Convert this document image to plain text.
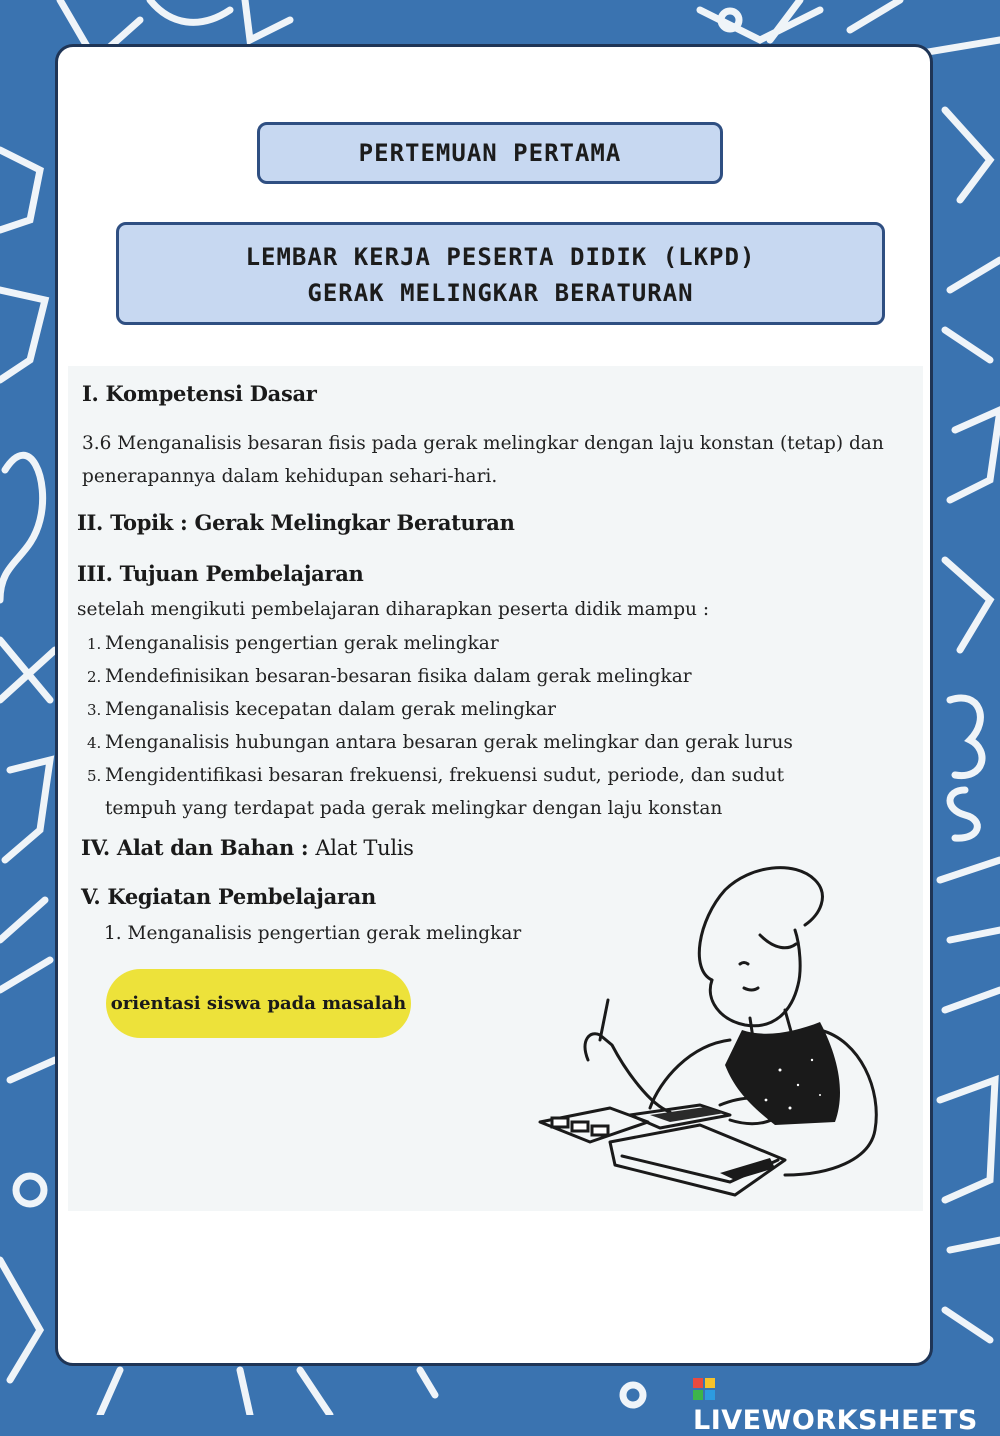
PERTEMUAN PERTAMA
LEMBAR KERJA PESERTA DIDIK (LKPD)
GERAK MELINGKAR BERATURAN
I. Kompetensi Dasar
3.6 Menganalisis besaran fisis pada gerak melingkar dengan laju konstan (tetap) dan
penerapannya dalam kehidupan sehari-hari.
II. Topik : Gerak Melingkar Beraturan
III. Tujuan Pembelajaran
setelah mengikuti pembelajaran diharapkan peserta didik mampu :
1. Menganalisis pengertian gerak melingkar
2. Mendefinisikan besaran-besaran fisika dalam gerak melingkar
3. Menganalisis kecepatan dalam gerak melingkar
4. Menganalisis hubungan antara besaran gerak melingkar dan gerak lurus
5. Mengidentifikasi besaran frekuensi, frekuensi sudut, periode, dan sudut
tempuh yang terdapat pada gerak melingkar dengan laju konstan
IV. Alat dan Bahan : Alat Tulis
V. Kegiatan Pembelajaran
1. Menganalisis pengertian gerak melingkar
orientasi siswa pada masalah
LIVEWORKSHEETS
